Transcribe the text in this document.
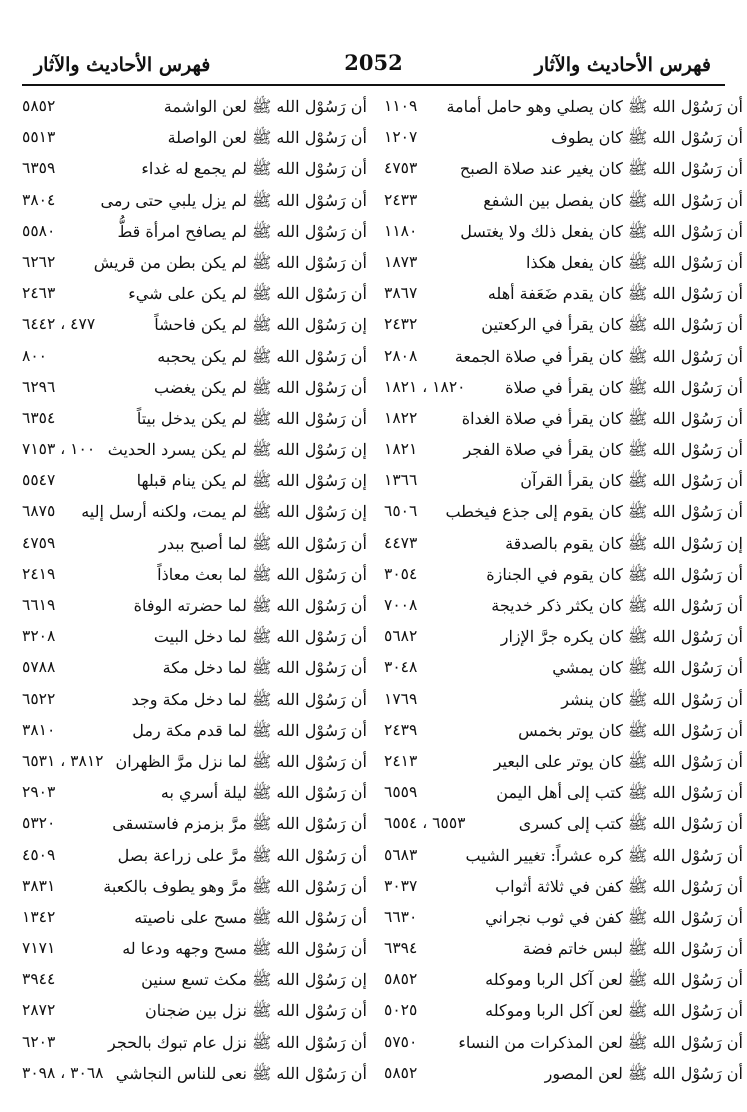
فهرس الأحاديث والآثار
2052
فهرس الأحاديث والآثار
أن رَسُوْل الله ﷺ كان يصلي وهو حامل أمامة
١١٠٩
أن رَسُوْل الله ﷺ لعن الواشمة
٥٨٥٢
أن رَسُوْل الله ﷺ كان يطوف
١٢٠٧
أن رَسُوْل الله ﷺ لعن الواصلة
٥٥١٣
أن رَسُوْل الله ﷺ كان يغير عند صلاة الصبح
٤٧٥٣
أن رَسُوْل الله ﷺ لم يجمع له غداء
٦٣٥٩
أن رَسُوْل الله ﷺ كان يفصل بين الشفع
٢٤٣٣
أن رَسُوْل الله ﷺ لم يزل يلبي حتى رمى
٣٨٠٤
أن رَسُوْل الله ﷺ كان يفعل ذلك ولا يغتسل
١١٨٠
أن رَسُوْل الله ﷺ لم يصافح امرأة قطُّ
٥٥٨٠
أن رَسُوْل الله ﷺ كان يفعل هكذا
١٨٧٣
أن رَسُوْل الله ﷺ لم يكن بطن من قريش
٦٢٦٢
أن رَسُوْل الله ﷺ كان يقدم ضَعَفة أهله
٣٨٦٧
أن رَسُوْل الله ﷺ لم يكن على شيء
٢٤٦٣
أن رَسُوْل الله ﷺ كان يقرأ في الركعتين
٢٤٣٢
إن رَسُوْل الله ﷺ لم يكن فاحشاً
٤٧٧ ، ٦٤٤٢
أن رَسُوْل الله ﷺ كان يقرأ في صلاة الجمعة
٢٨٠٨
أن رَسُوْل الله ﷺ لم يكن يحجبه
٨٠٠
أن رَسُوْل الله ﷺ كان يقرأ في صلاة
١٨٢٠ ، ١٨٢١
أن رَسُوْل الله ﷺ لم يكن يغضب
٦٢٩٦
أن رَسُوْل الله ﷺ كان يقرأ في صلاة الغداة
١٨٢٢
أن رَسُوْل الله ﷺ لم يكن يدخل بيتاً
٦٣٥٤
أن رَسُوْل الله ﷺ كان يقرأ في صلاة الفجر
١٨٢١
إن رَسُوْل الله ﷺ لم يكن يسرد الحديث
١٠٠ ، ٧١٥٣
أن رَسُوْل الله ﷺ كان يقرأ القرآن
١٣٦٦
إن رَسُوْل الله ﷺ لم يكن ينام قبلها
٥٥٤٧
أن رَسُوْل الله ﷺ كان يقوم إلى جذع فيخطب
٦٥٠٦
إن رَسُوْل الله ﷺ لم يمت، ولكنه أرسل إليه
٦٨٧٥
إن رَسُوْل الله ﷺ كان يقوم بالصدقة
٤٤٧٣
أن رَسُوْل الله ﷺ لما أصبح ببدر
٤٧٥٩
أن رَسُوْل الله ﷺ كان يقوم في الجنازة
٣٠٥٤
أن رَسُوْل الله ﷺ لما بعث معاذاً
٢٤١٩
أن رَسُوْل الله ﷺ كان يكثر ذكر خديجة
٧٠٠٨
أن رَسُوْل الله ﷺ لما حضرته الوفاة
٦٦١٩
أن رَسُوْل الله ﷺ كان يكره جرَّ الإزار
٥٦٨٢
أن رَسُوْل الله ﷺ لما دخل البيت
٣٢٠٨
أن رَسُوْل الله ﷺ كان يمشي
٣٠٤٨
أن رَسُوْل الله ﷺ لما دخل مكة
٥٧٨٨
أن رَسُوْل الله ﷺ كان ينشر
١٧٦٩
أن رَسُوْل الله ﷺ لما دخل مكة وجد
٦٥٢٢
أن رَسُوْل الله ﷺ كان يوتر بخمس
٢٤٣٩
أن رَسُوْل الله ﷺ لما قدم مكة رمل
٣٨١٠
أن رَسُوْل الله ﷺ كان يوتر على البعير
٢٤١٣
أن رَسُوْل الله ﷺ لما نزل مرَّ الظهران
٣٨١٢ ، ٦٥٣١
أن رَسُوْل الله ﷺ كتب إلى أهل اليمن
٦٥٥٩
أن رَسُوْل الله ﷺ ليلة أسري به
٢٩٠٣
أن رَسُوْل الله ﷺ كتب إلى كسرى
٦٥٥٣ ، ٦٥٥٤
أن رَسُوْل الله ﷺ مرَّ بزمزم فاستسقى
٥٣٢٠
أن رَسُوْل الله ﷺ كره عشراً: تغيير الشيب
٥٦٨٣
أن رَسُوْل الله ﷺ مرَّ على زراعة بصل
٤٥٠٩
أن رَسُوْل الله ﷺ كفن في ثلاثة أثواب
٣٠٣٧
أن رَسُوْل الله ﷺ مرَّ وهو يطوف بالكعبة
٣٨٣١
أن رَسُوْل الله ﷺ كفن في ثوب نجراني
٦٦٣٠
أن رَسُوْل الله ﷺ مسح على ناصيته
١٣٤٢
أن رَسُوْل الله ﷺ لبس خاتم فضة
٦٣٩٤
أن رَسُوْل الله ﷺ مسح وجهه ودعا له
٧١٧١
أن رَسُوْل الله ﷺ لعن آكل الربا وموكله
٥٨٥٢
إن رَسُوْل الله ﷺ مكث تسع سنين
٣٩٤٤
أن رَسُوْل الله ﷺ لعن آكل الربا وموكله
٥٠٢٥
أن رَسُوْل الله ﷺ نزل بين ضجنان
٢٨٧٢
أن رَسُوْل الله ﷺ لعن المذكرات من النساء
٥٧٥٠
أن رَسُوْل الله ﷺ نزل عام تبوك بالحجر
٦٢٠٣
أن رَسُوْل الله ﷺ لعن المصور
٥٨٥٢
أن رَسُوْل الله ﷺ نعى للناس النجاشي
٣٠٦٨ ، ٣٠٩٨
